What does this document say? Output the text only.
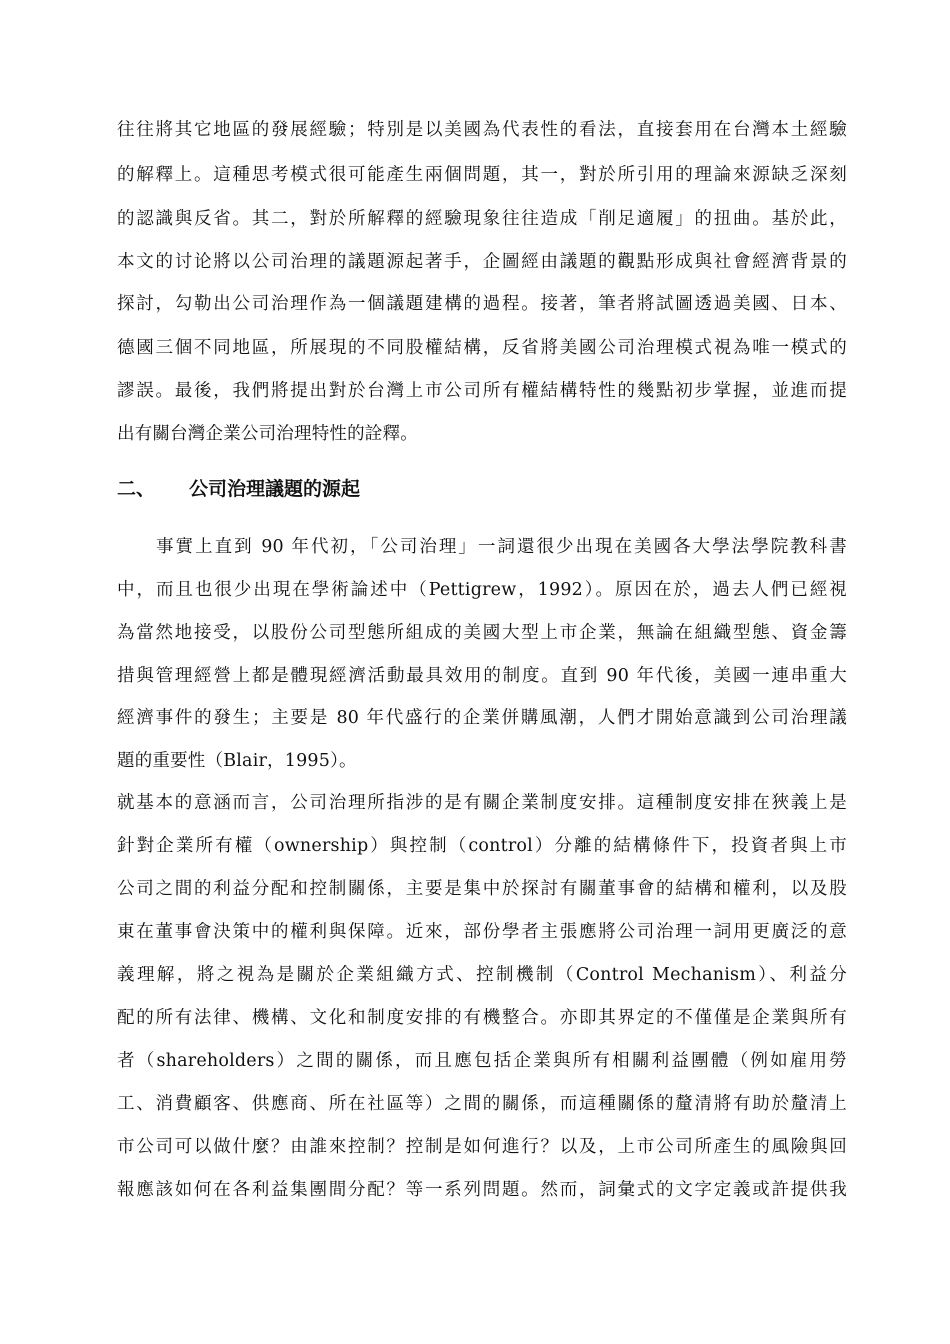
往往將其它地區的發展經驗；特別是以美國為代表性的看法，直接套用在台灣本土經驗
的解釋上。這種思考模式很可能產生兩個問題，其一，對於所引用的理論來源缺乏深刻
的認識與反省。其二，對於所解釋的經驗現象往往造成「削足適履」的扭曲。基於此，
本文的讨论將以公司治理的議題源起著手，企圖經由議題的觀點形成與社會經濟背景的
探討，勾勒出公司治理作為一個議題建構的過程。接著，筆者將試圖透過美國、日本、
德國三個不同地區，所展現的不同股權結構，反省將美國公司治理模式視為唯一模式的
謬誤。最後，我們將提出對於台灣上市公司所有權結構特性的幾點初步掌握，並進而提
出有關台灣企業公司治理特性的詮釋。
二、 公司治理議題的源起
　　事實上直到 90 年代初，「公司治理」一詞還很少出現在美國各大學法學院教科書
中，而且也很少出現在學術論述中（Pettigrew，1992）。原因在於，過去人們已經視
為當然地接受，以股份公司型態所組成的美國大型上市企業，無論在組織型態、資金籌
措與管理經營上都是體現經濟活動最具效用的制度。直到 90 年代後，美國一連串重大
經濟事件的發生；主要是 80 年代盛行的企業併購風潮，人們才開始意識到公司治理議
題的重要性（Blair，1995）。
就基本的意涵而言，公司治理所指涉的是有關企業制度安排。這種制度安排在狹義上是
針對企業所有權（ownership）與控制（control）分離的結構條件下，投資者與上市
公司之間的利益分配和控制關係，主要是集中於探討有關董事會的結構和權利，以及股
東在董事會決策中的權利與保障。近來，部份學者主張應將公司治理一詞用更廣泛的意
義理解，將之視為是關於企業組織方式、控制機制（Control Mechanism）、利益分
配的所有法律、機構、文化和制度安排的有機整合。亦即其界定的不僅僅是企業與所有
者（shareholders）之間的關係，而且應包括企業與所有相關利益團體（例如雇用勞
工、消費顧客、供應商、所在社區等）之間的關係，而這種關係的釐清將有助於釐清上
市公司可以做什麼？由誰來控制？控制是如何進行？以及，上市公司所產生的風險與回
報應該如何在各利益集團間分配？等一系列問題。然而，詞彙式的文字定義或許提供我
